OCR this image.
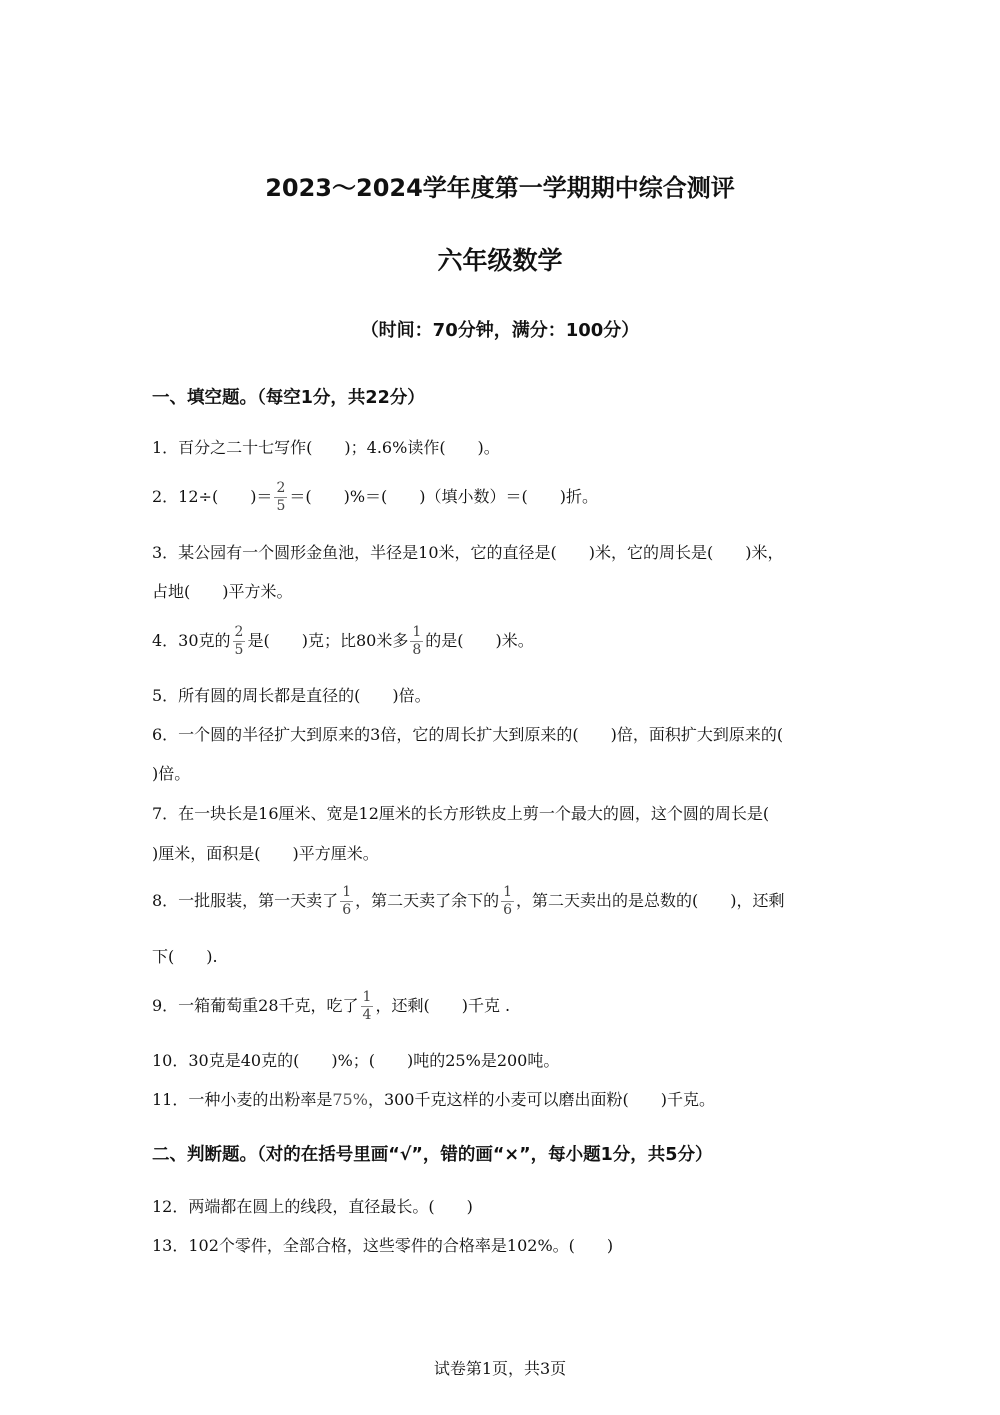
2023～2024学年度第一学期期中综合测评
六年级数学
（时间：70分钟，满分：100分）
一、填空题。（每空1分，共22分）
1．百分之二十七写作(　　)；4.6%读作(　　)。
2．12÷(　　)＝ $\frac{2}{5}$ ＝(　　)%＝(　　)（填小数）＝(　　)折。
3．某公园有一个圆形金鱼池，半径是10米，它的直径是(　　)米，它的周长是(　　)米，
占地(　　)平方米。
4．30克的 $\frac{2}{5}$ 是(　　)克；比80米多 $\frac{1}{8}$ 的是(　　)米。
5．所有圆的周长都是直径的(　　)倍。
6．一个圆的半径扩大到原来的3倍，它的周长扩大到原来的(　　)倍，面积扩大到原来的(
)倍。
7．在一块长是16厘米、宽是12厘米的长方形铁皮上剪一个最大的圆，这个圆的周长是(
)厘米，面积是(　　)平方厘米。
8．一批服装，第一天卖了 $\frac{1}{6}$ ，第二天卖了余下的 $\frac{1}{6}$ ，第二天卖出的是总数的(　　)，还剩
下(　　).
9．一箱葡萄重28千克，吃了 $\frac{1}{4}$ ，还剩(　　)千克 .
10．30克是40克的(　　)%；(　　)吨的25%是200吨。
11．一种小麦的出粉率是75%，300千克这样的小麦可以磨出面粉(　　)千克。
二、判断题。（对的在括号里画“√”，错的画“×”，每小题1分，共5分）
12．两端都在圆上的线段，直径最长。(　　)
13．102个零件，全部合格，这些零件的合格率是102%。(　　)
试卷第1页，共3页
